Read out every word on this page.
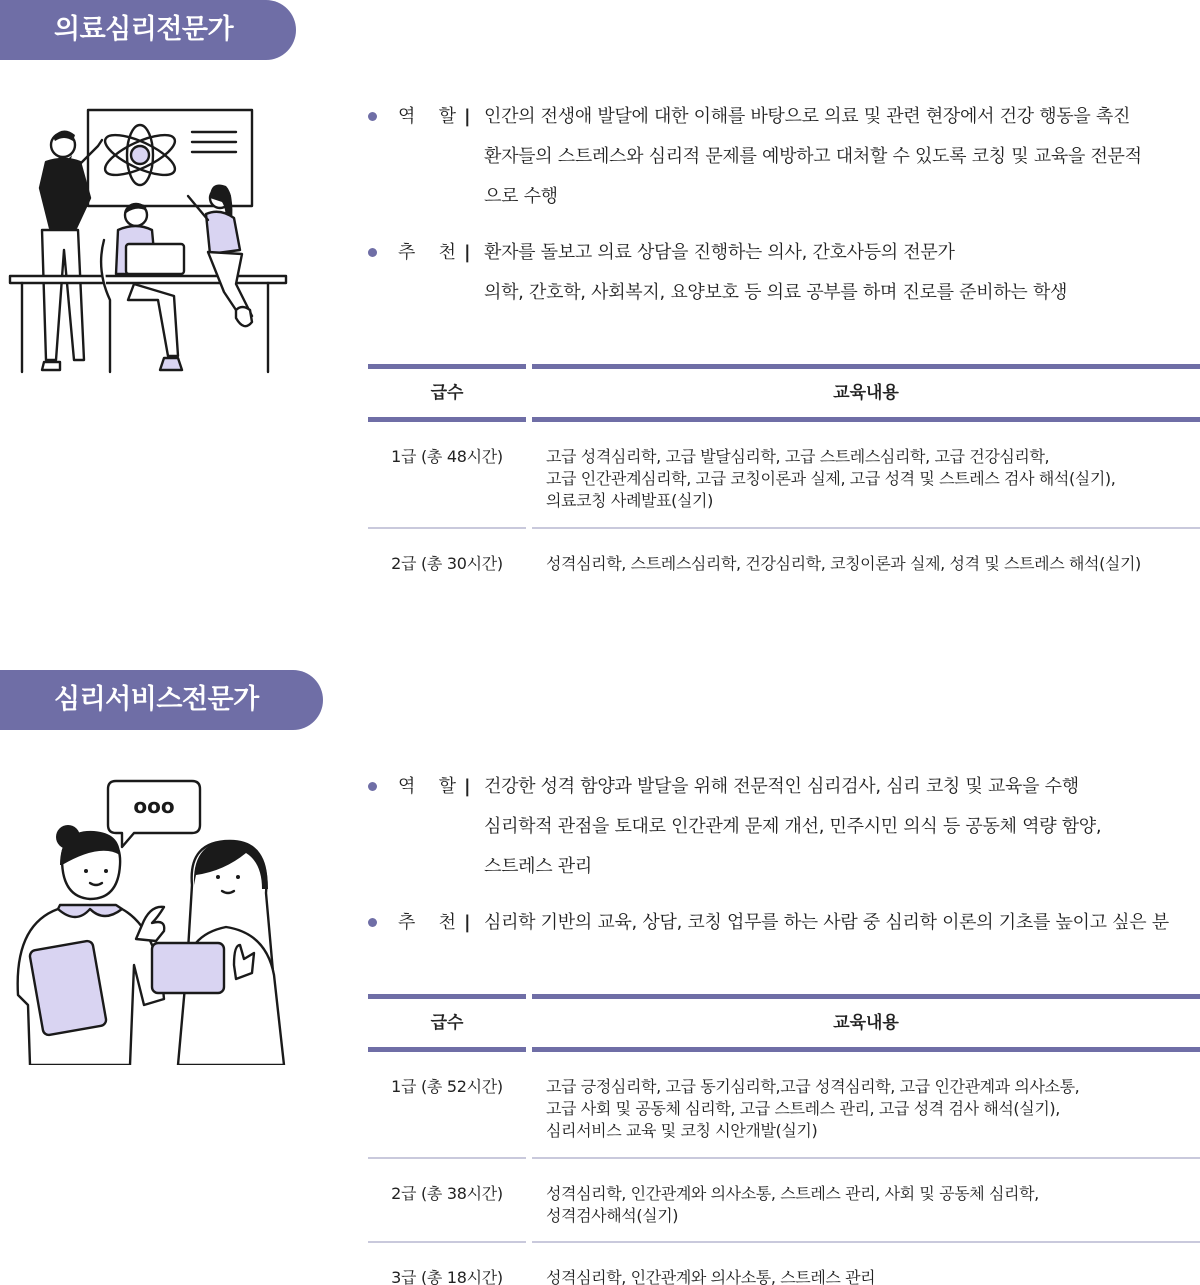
의료심리전문가
역 할 | 인간의 전생애 발달에 대한 이해를 바탕으로 의료 및 관련 현장에서 건강 행동을 촉진
환자들의 스트레스와 심리적 문제를 예방하고 대처할 수 있도록 코칭 및 교육을 전문적
으로 수행
추 천 | 환자를 돌보고 의료 상담을 진행하는 의사, 간호사등의 전문가
의학, 간호학, 사회복지, 요양보호 등 의료 공부를 하며 진로를 준비하는 학생
급수	교육내용
1급 (총 48시간)	고급 성격심리학, 고급 발달심리학, 고급 스트레스심리학, 고급 건강심리학,
고급 인간관계심리학, 고급 코칭이론과 실제, 고급 성격 및 스트레스 검사 해석(실기),
의료코칭 사례발표(실기)
2급 (총 30시간)	성격심리학, 스트레스심리학, 건강심리학, 코칭이론과 실제, 성격 및 스트레스 해석(실기)
심리서비스전문가
ooo
역 할 | 건강한 성격 함양과 발달을 위해 전문적인 심리검사, 심리 코칭 및 교육을 수행
심리학적 관점을 토대로 인간관계 문제 개선, 민주시민 의식 등 공동체 역량 함양,
스트레스 관리
추 천 | 심리학 기반의 교육, 상담, 코칭 업무를 하는 사람 중 심리학 이론의 기초를 높이고 싶은 분
급수	교육내용
1급 (총 52시간)	고급 긍정심리학, 고급 동기심리학,고급 성격심리학, 고급 인간관계과 의사소통,
고급 사회 및 공동체 심리학, 고급 스트레스 관리, 고급 성격 검사 해석(실기),
심리서비스 교육 및 코칭 시안개발(실기)
2급 (총 38시간)	성격심리학, 인간관계와 의사소통, 스트레스 관리, 사회 및 공동체 심리학,
성격검사해석(실기)
3급 (총 18시간)	성격심리학, 인간관계와 의사소통, 스트레스 관리
